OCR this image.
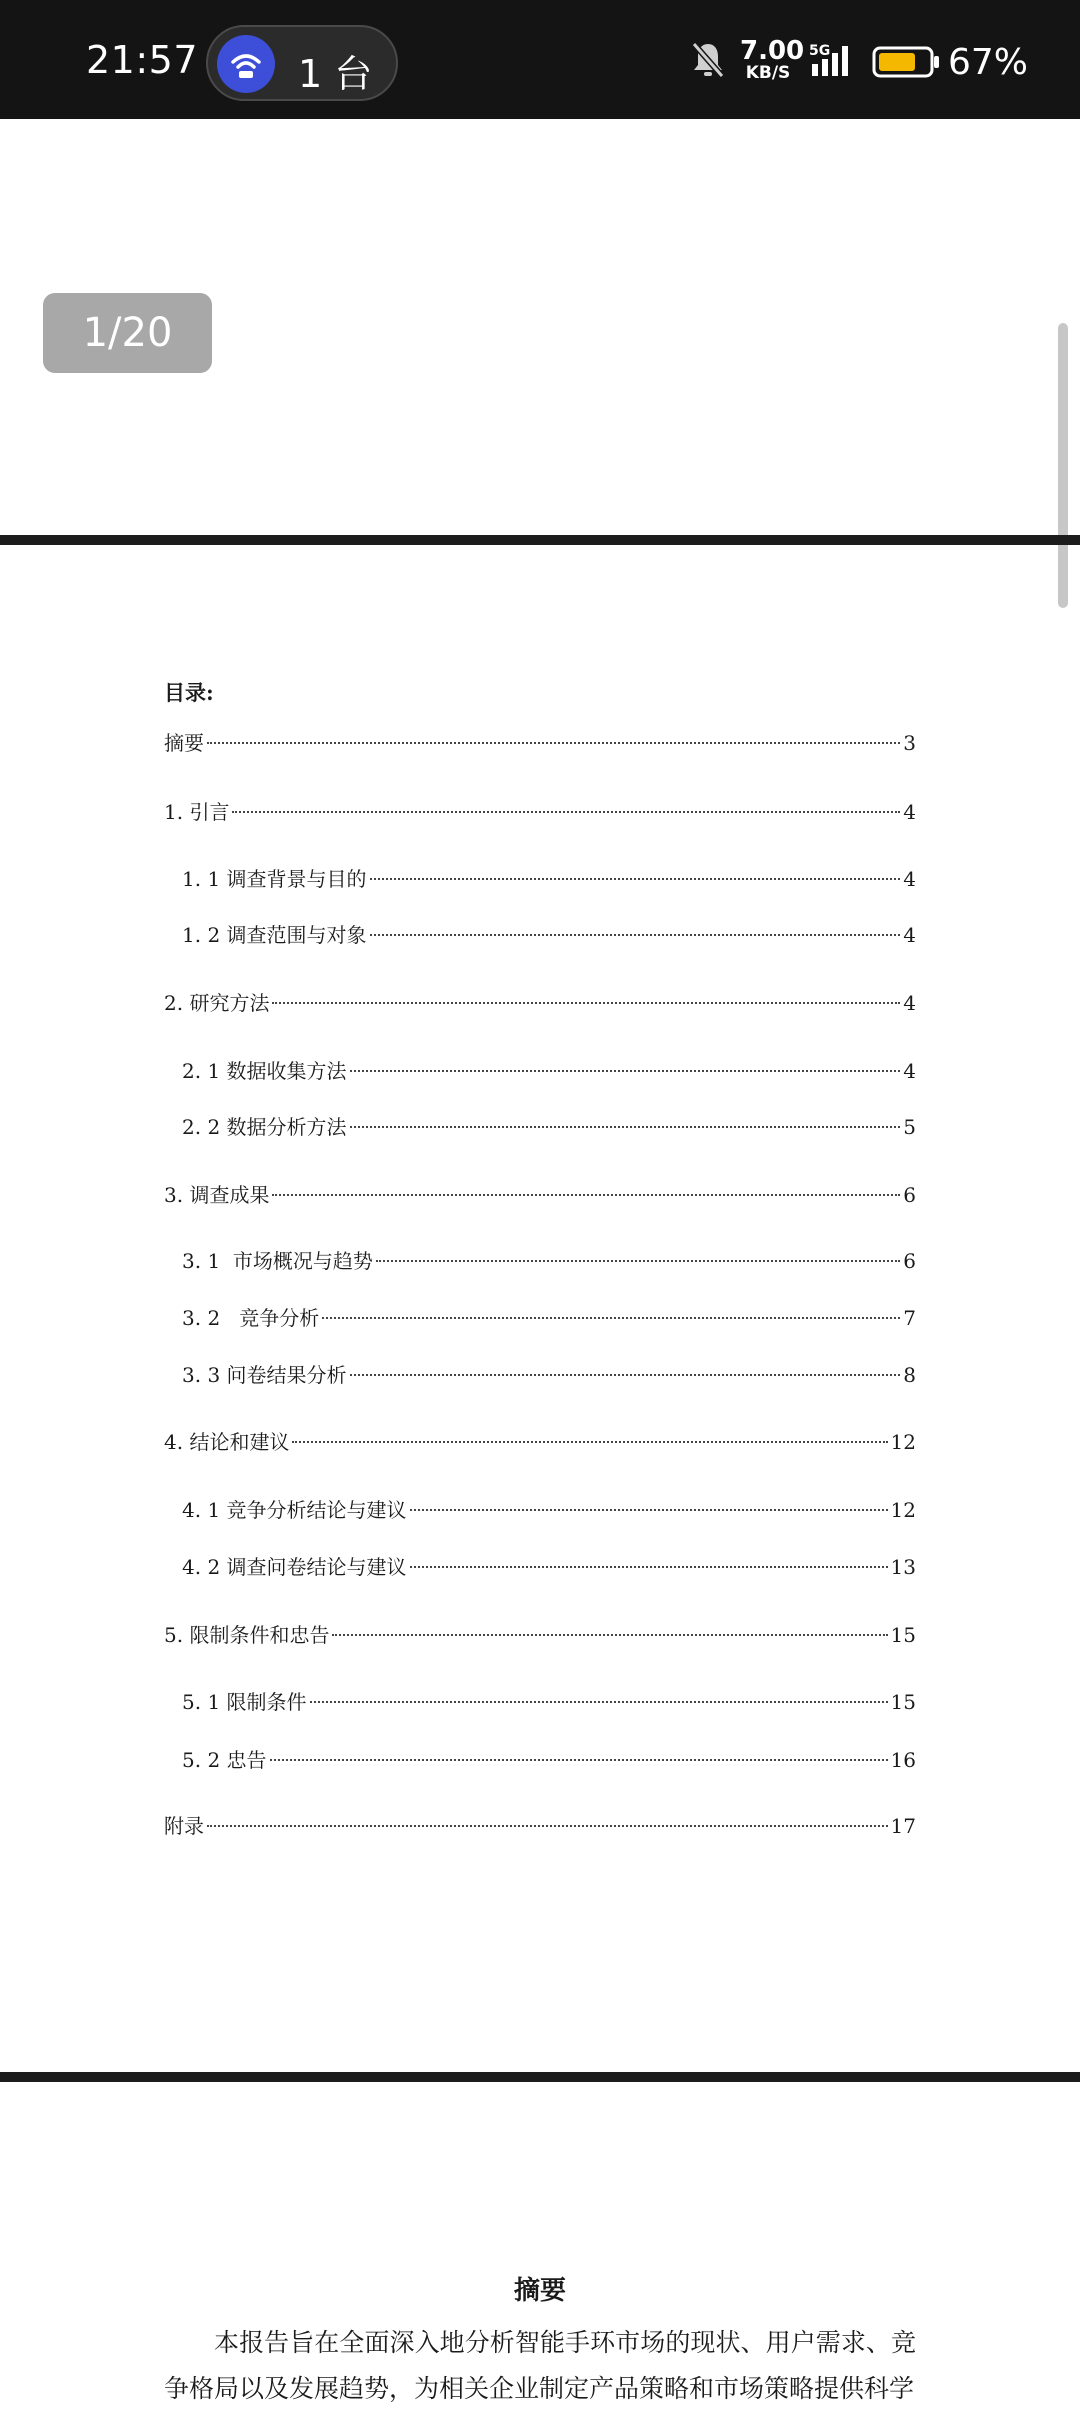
21:57	1 台
7.00
KB/S
5G	67%
1/20
目录:
摘要	3
1. 引言	4
1. 1 调查背景与目的	4
1. 2 调查范围与对象	4
2. 研究方法	4
2. 1 数据收集方法	4
2. 2 数据分析方法	5
3. 调查成果	6
3. 1  市场概况与趋势	6
3. 2   竞争分析	7
3. 3 问卷结果分析	8
4. 结论和建议	12
4. 1 竞争分析结论与建议	12
4. 2 调查问卷结论与建议	13
5. 限制条件和忠告	15
5. 1 限制条件	15
5. 2 忠告	16
附录	17
摘要
本报告旨在全面深入地分析智能手环市场的现状、用户需求、竞争格局以及发展趋势，为相关企业制定产品策略和市场策略提供科学
